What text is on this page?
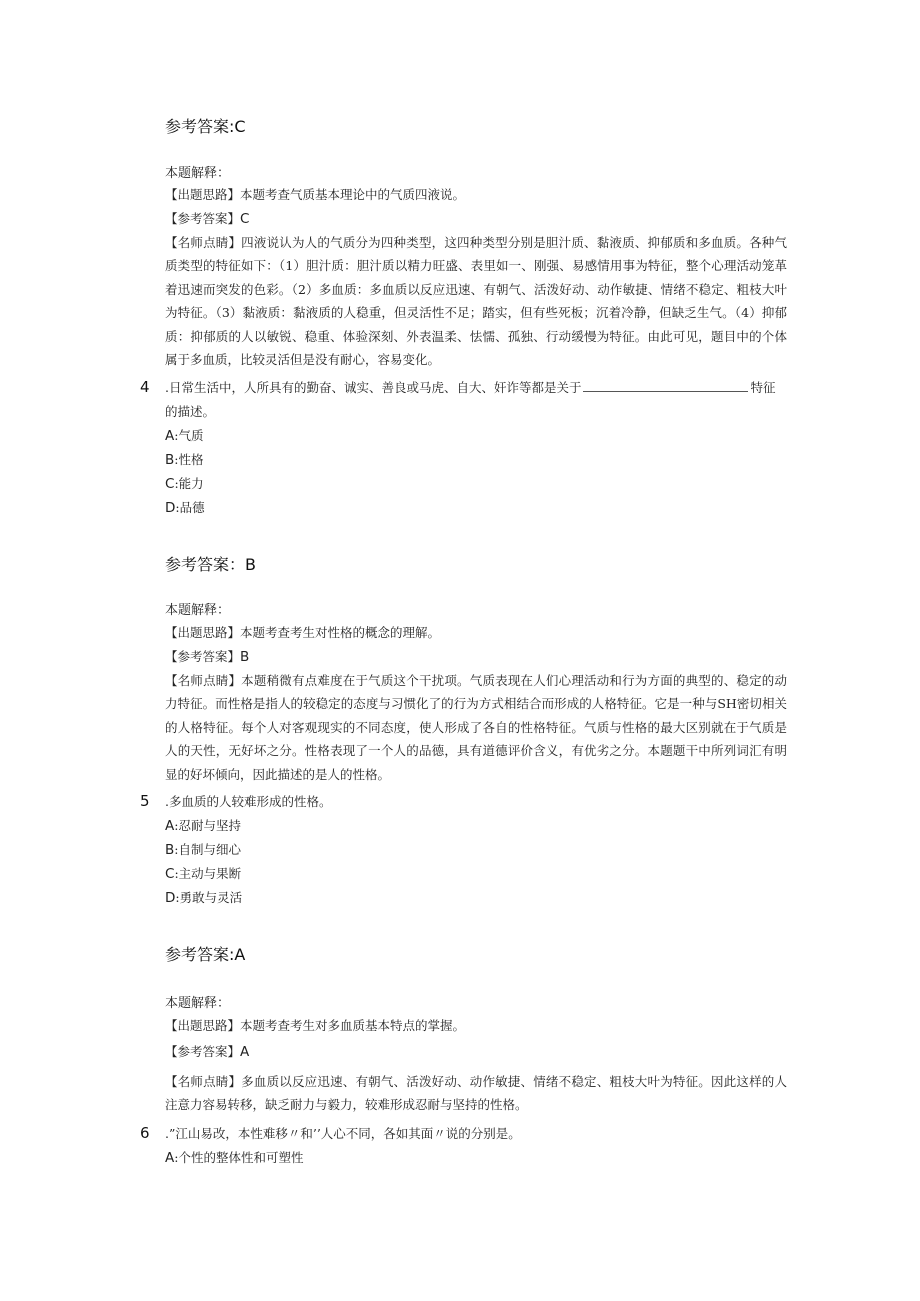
参考答案:C
本题解释：
【出题思路】本题考查气质基本理论中的气质四液说。
【参考答案】C
【名师点睛】四液说认为人的气质分为四种类型，这四种类型分别是胆汁质、黏液质、抑郁质和多血质。各种气质类型的特征如下：（1）胆汁质：胆汁质以精力旺盛、表里如一、刚强、易感情用事为特征，整个心理活动笼革着迅速而突发的色彩。（2）多血质：多血质以反应迅速、有朝气、活泼好动、动作敏捷、情绪不稳定、粗枝大叶为特征。（3）黏液质：黏液质的人稳重，但灵活性不足；踏实，但有些死板；沉着冷静，但缺乏生气。（4）抑郁质：抑郁质的人以敏锐、稳重、体验深刻、外表温柔、怯懦、孤独、行动缓慢为特征。由此可见，题目中的个体属于多血质，比较灵活但是没有耐心，容易变化。
4 .日常生活中，人所具有的勤奋、诚实、善良或马虎、自大、奸诈等都是关于	特征
的描述。
A:气质
B:性格
C:能力
D:品德
参考答案：B
本题解释：
【出题思路】本题考查考生对性格的概念的理解。
【参考答案】B
【名师点睛】本题稍微有点难度在于气质这个干扰项。气质表现在人们心理活动和行为方面的典型的、稳定的动力特征。而性格是指人的较稳定的态度与习惯化了的行为方式相结合而形成的人格特征。它是一种与SH密切相关的人格特征。每个人对客观现实的不同态度，使人形成了各自的性格特征。气质与性格的最大区别就在于气质是人的天性，无好坏之分。性格表现了一个人的品德，具有道德评价含义，有优劣之分。本题题干中所列词汇有明显的好坏倾向，因此描述的是人的性格。
5 .多血质的人较难形成的性格。
A:忍耐与坚持
B:自制与细心
C:主动与果断
D:勇敢与灵活
参考答案:A
本题解释：
【出题思路】本题考查考生对多血质基本特点的掌握。
【参考答案】A
【名师点睛】多血质以反应迅速、有朝气、活泼好动、动作敏捷、情绪不稳定、粗枝大叶为特征。因此这样的人注意力容易转移，缺乏耐力与毅力，较难形成忍耐与坚持的性格。
6 .”江山易改，本性难移〃和’’人心不同，各如其面〃说的分别是。
A:个性的整体性和可塑性
